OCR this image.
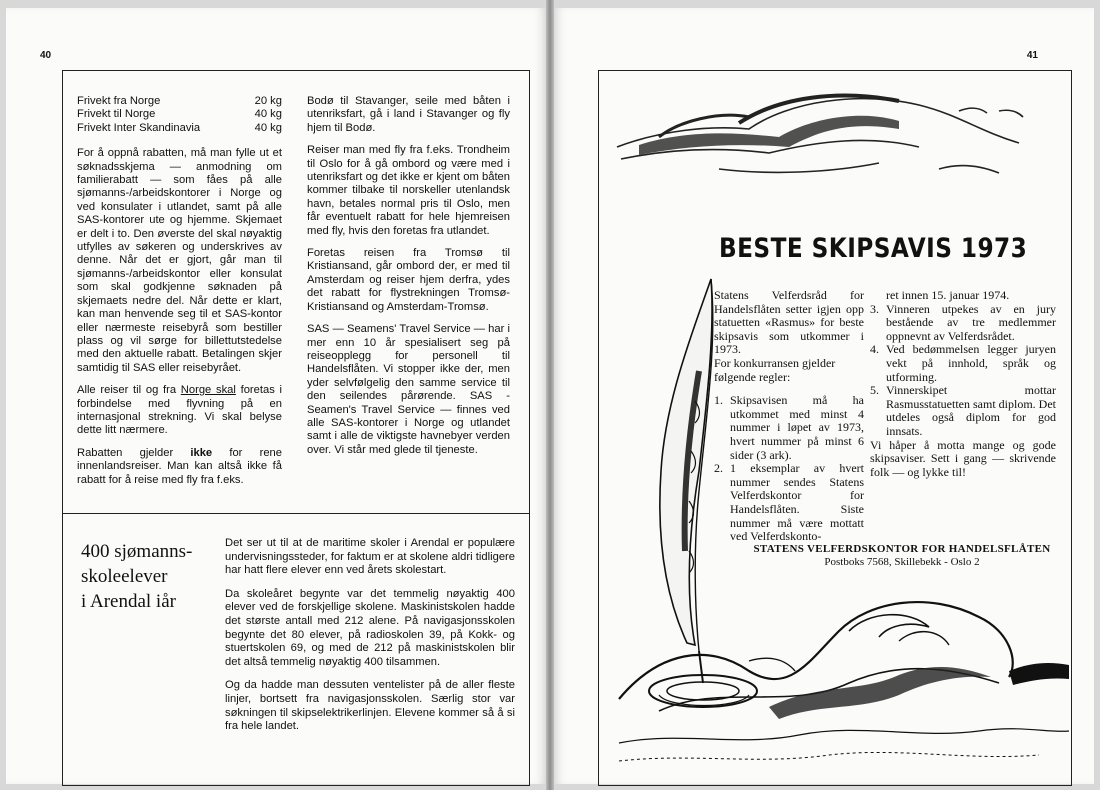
40
Frivekt fra Norge	20 kg
Frivekt til Norge	40 kg
Frivekt Inter Skandinavia	40 kg

For å oppnå rabatten, må man fylle ut et søknadsskjema — anmodning om familierabatt — som fåes på alle sjømanns-/arbeidskontorer i Norge og ved konsulater i utlandet, samt på alle SAS-kontorer ute og hjemme. Skjemaet er delt i to. Den øverste del skal nøyaktig utfylles av søkeren og underskrives av denne. Når det er gjort, går man til sjømanns-/arbeidskontor eller konsulat som skal godkjenne søknaden på skjemaets nedre del. Når dette er klart, kan man henvende seg til et SAS-kontor eller nærmeste reisebyrå som bestiller plass og vil sørge for billettutstedelse med den aktuelle rabatt. Betalingen skjer samtidig til SAS eller reisebyrået.

Alle reiser til og fra Norge skal foretas i forbindelse med flyvning på en internasjonal strekning. Vi skal belyse dette litt nærmere.

Rabatten gjelder ikke for rene innenlandsreiser. Man kan altså ikke få rabatt for å reise med fly fra f.eks.

Bodø til Stavanger, seile med båten i utenriksfart, gå i land i Stavanger og fly hjem til Bodø.

Reiser man med fly fra f.eks. Trondheim til Oslo for å gå ombord og være med i utenriksfart og det ikke er kjent om båten kommer tilbake til norskeller utenlandsk havn, betales normal pris til Oslo, men får eventuelt rabatt for hele hjemreisen med fly, hvis den foretas fra utlandet.

Foretas reisen fra Tromsø til Kristiansand, går ombord der, er med til Amsterdam og reiser hjem derfra, ydes det rabatt for flystrekningen Tromsø-Kristiansand og Amsterdam-Tromsø.

SAS — Seamens' Travel Service — har i mer enn 10 år spesialisert seg på reiseopplegg for personell til Handelsflåten. Vi stopper ikke der, men yder selvfølgelig den samme service til den seilendes pårørende. SAS - Seamen's Travel Service — finnes ved alle SAS-kontorer i Norge og utlandet samt i alle de viktigste havnebyer verden over. Vi står med glede til tjeneste.

400 sjømanns-
skoleelever
i Arendal iår

Det ser ut til at de maritime skoler i Arendal er populære undervisningssteder, for faktum er at skolene aldri tidligere har hatt flere elever enn ved årets skolestart.

Da skoleåret begynte var det temmelig nøyaktig 400 elever ved de forskjellige skolene. Maskinistskolen hadde det største antall med 212 alene. På navigasjonsskolen begynte det 80 elever, på radioskolen 39, på Kokk- og stuertskolen 69, og med de 212 på maskinistskolen blir det altså temmelig nøyaktig 400 tilsammen.

Og da hadde man dessuten ventelister på de aller fleste linjer, bortsett fra navigasjonsskolen. Særlig stor var søkningen til skipselektrikerlinjen. Elevene kommer så å si fra hele landet.

41
BESTE SKIPSAVIS 1973

Statens Velferdsråd for Handelsflåten setter igjen opp statuetten «Rasmus» for beste skipsavis som utkommer i 1973.

For konkurransen gjelder følgende regler:

1. Skipsavisen må ha utkommet med minst 4 nummer i løpet av 1973, hvert nummer på minst 6 sider (3 ark).
2. 1 eksemplar av hvert nummer sendes Statens Velferdskontor for Handelsflåten. Siste nummer må være mottatt ved Velferdskonto-

ret innen 15. januar 1974.

3. Vinneren utpekes av en jury bestående av tre medlemmer oppnevnt av Velferdsrådet.
4. Ved bedømmelsen legger juryen vekt på innhold, språk og utforming.
5. Vinnerskipet mottar Rasmusstatuetten samt diplom. Det utdeles også diplom for god innsats.

Vi håper å motta mange og gode skipsaviser. Sett i gang — skrivende folk — og lykke til!

STATENS VELFERDSKONTOR FOR HANDELSFLÅTEN
Postboks 7568, Skillebekk - Oslo 2
